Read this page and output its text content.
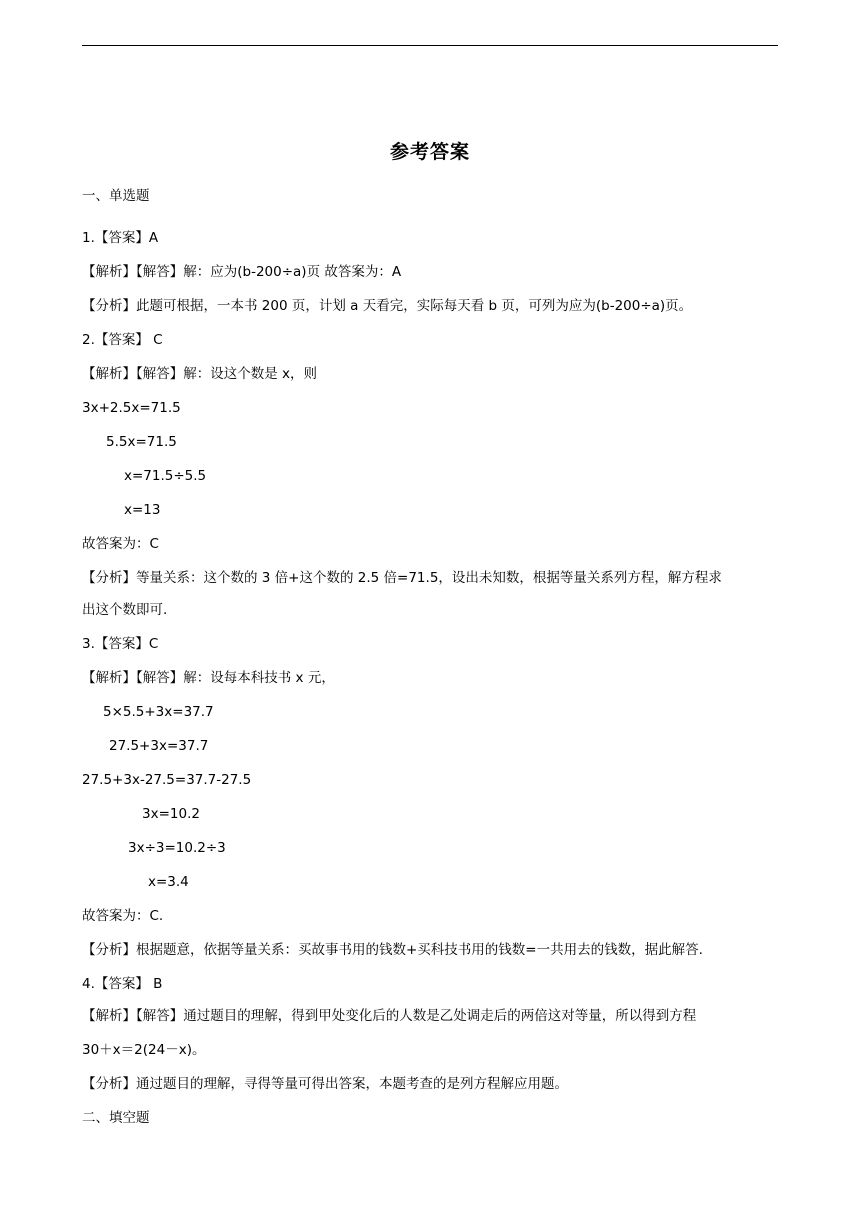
参考答案
一、单选题
1.【答案】A
【解析】【解答】解：应为(b-200÷a)页 故答案为：A
【分析】此题可根据，一本书 200 页，计划 a 天看完，实际每天看 b 页，可列为应为(b-200÷a)页。
2.【答案】 C
【解析】【解答】解：设这个数是 x，则
3x+2.5x=71.5
5.5x=71.5
x=71.5÷5.5
x=13
故答案为：C
【分析】等量关系：这个数的 3 倍+这个数的 2.5 倍=71.5，设出未知数，根据等量关系列方程，解方程求
出这个数即可.
3.【答案】C
【解析】【解答】解：设每本科技书 x 元，
5×5.5+3x=37.7
27.5+3x=37.7
27.5+3x-27.5=37.7-27.5
3x=10.2
3x÷3=10.2÷3
x=3.4
故答案为：C.
【分析】根据题意，依据等量关系：买故事书用的钱数+买科技书用的钱数=一共用去的钱数，据此解答.
4.【答案】 B
【解析】【解答】通过题目的理解，得到甲处变化后的人数是乙处调走后的两倍这对等量，所以得到方程
30＋x＝2(24－x)。
【分析】通过题目的理解，寻得等量可得出答案，本题考查的是列方程解应用题。
二、填空题
